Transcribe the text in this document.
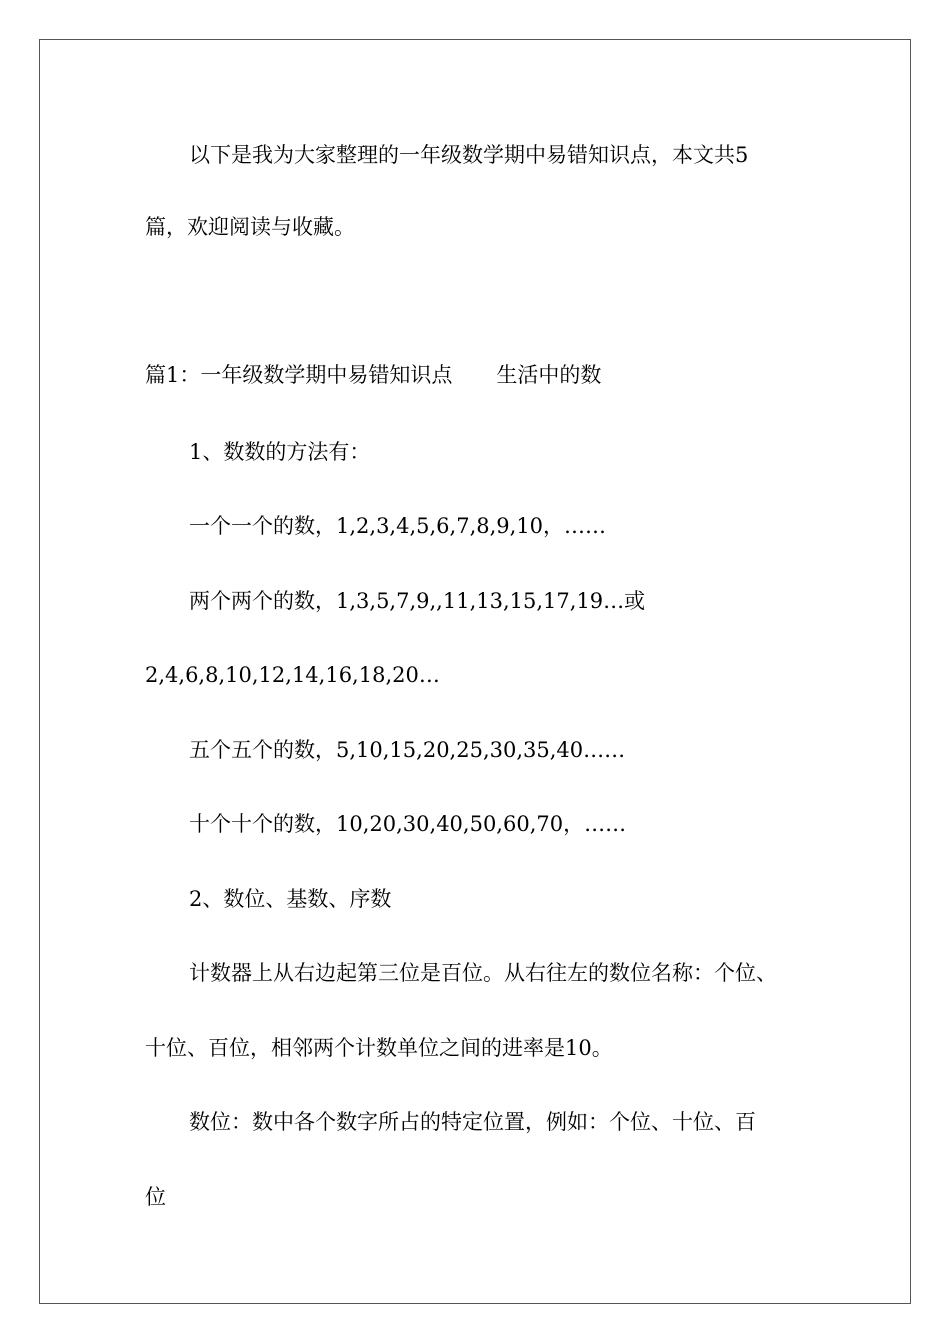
以下是我为大家整理的一年级数学期中易错知识点，本文共5
篇，欢迎阅读与收藏。
篇1：一年级数学期中易错知识点 生活中的数
1、数数的方法有：
一个一个的数，1,2,3,4,5,6,7,8,9,10，……
两个两个的数，1,3,5,7,9,,11,13,15,17,19…或
2,4,6,8,10,12,14,16,18,20…
五个五个的数，5,10,15,20,25,30,35,40……
十个十个的数，10,20,30,40,50,60,70，……
2、数位、基数、序数
计数器上从右边起第三位是百位。从右往左的数位名称：个位、
十位、百位，相邻两个计数单位之间的进率是10。
数位：数中各个数字所占的特定位置，例如：个位、十位、百
位
